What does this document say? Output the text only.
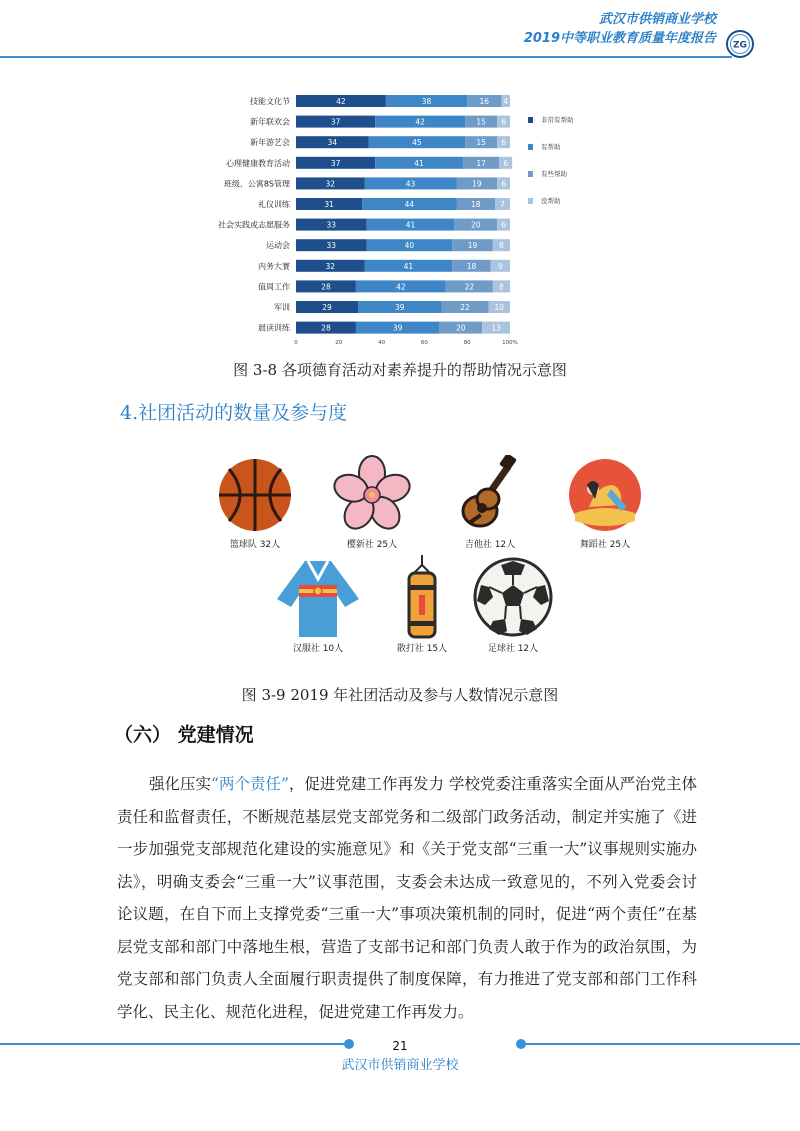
武汉市供销商业学校
2019中等职业教育质量年度报告 ZG
技能文化节	42	38	16 4
新年联欢会	37	42	15 6
新年游艺会	34	45	15 6
心理健康教育活动	37	41	17 6
班级、公寓8S管理	32	43	19	6
礼仪训练	31	44	18	7
社会实践或志愿服务	33	41	20	6
运动会	33	40	19	8
内务大赛	32	41	18	9
值周工作	28	42	22	8
军训	29	39	22	10
晨读训练	28	39	20	13
0	20	40	60	80	100%
非常有帮助
有帮助
有些帮助
没帮助
图 3-8 各项德育活动对素养提升的帮助情况示意图
4.社团活动的数量及参与度
篮球队 32人	樱新社 25人	吉他社 12人	舞蹈社 25人
汉服社 10人	散打社 15人	足球社 12人
图 3-9 2019 年社团活动及参与人数情况示意图
（六） 党建情况
强化压实“两个责任”，促进党建工作再发力 学校党委注重落实全面从严治党主体责任和监督责任，不断规范基层党支部党务和二级部门政务活动，制定并实施了《进一步加强党支部规范化建设的实施意见》和《关于党支部“三重一大”议事规则实施办法》，明确支委会“三重一大”议事范围，支委会未达成一致意见的，不列入党委会讨论议题，在自下而上支撑党委“三重一大”事项决策机制的同时，促进“两个责任”在基层党支部和部门中落地生根，营造了支部书记和部门负责人敢于作为的政治氛围，为党支部和部门负责人全面履行职责提供了制度保障，有力推进了党支部和部门工作科学化、民主化、规范化进程，促进党建工作再发力。
21
武汉市供销商业学校
